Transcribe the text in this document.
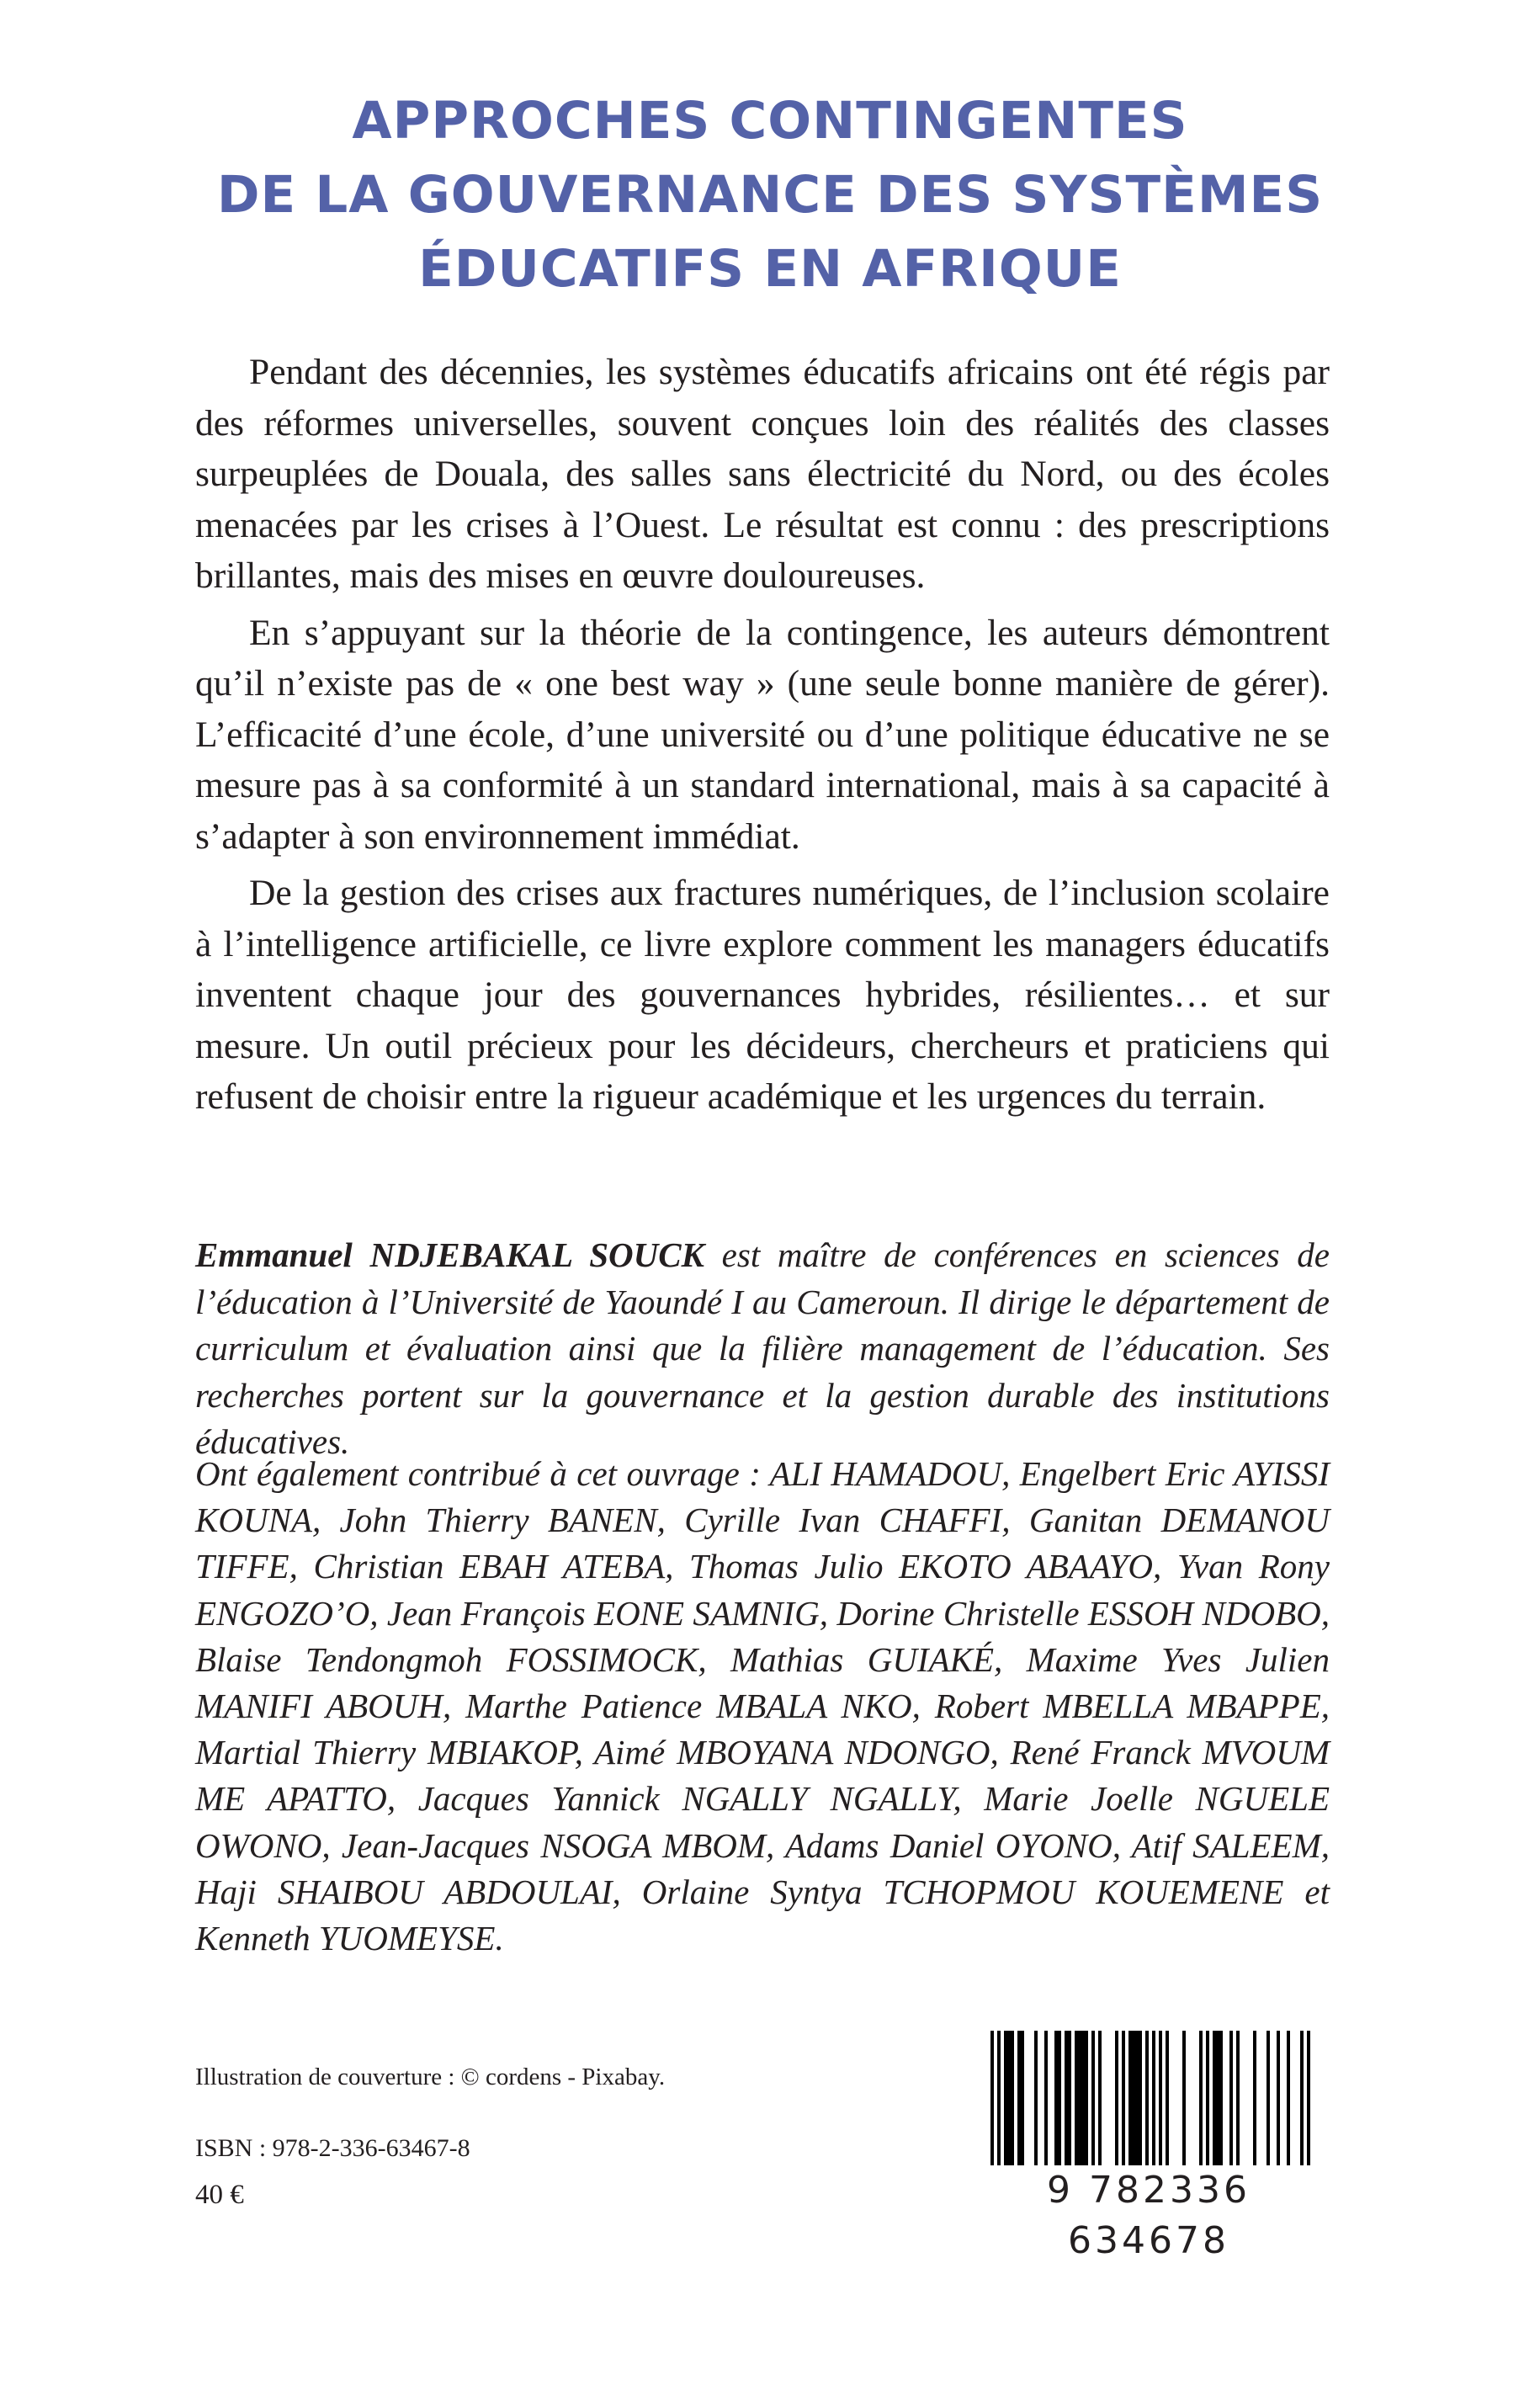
APPROCHES CONTINGENTES
DE LA GOUVERNANCE DES SYSTÈMES
ÉDUCATIFS EN AFRIQUE

Pendant des décennies, les systèmes éducatifs africains ont été régis par des réformes universelles, souvent conçues loin des réalités des classes surpeuplées de Douala, des salles sans électricité du Nord, ou des écoles menacées par les crises à l’Ouest. Le résultat est connu : des prescriptions brillantes, mais des mises en œuvre douloureuses.

En s’appuyant sur la théorie de la contingence, les auteurs démontrent qu’il n’existe pas de « one best way » (une seule bonne manière de gérer). L’efficacité d’une école, d’une université ou d’une politique éducative ne se mesure pas à sa conformité à un standard international, mais à sa capacité à s’adapter à son environnement immédiat.

De la gestion des crises aux fractures numériques, de l’inclusion scolaire à l’intelligence artificielle, ce livre explore comment les managers éducatifs inventent chaque jour des gouvernances hybrides, résilientes… et sur mesure. Un outil précieux pour les décideurs, chercheurs et praticiens qui refusent de choisir entre la rigueur académique et les urgences du terrain.

Emmanuel NDJEBAKAL SOUCK est maître de conférences en sciences de l’éducation à l’Université de Yaoundé I au Cameroun. Il dirige le département de curriculum et évaluation ainsi que la filière management de l’éducation. Ses recherches portent sur la gouvernance et la gestion durable des institutions éducatives.

Ont également contribué à cet ouvrage : ALI HAMADOU, Engelbert Eric AYISSI KOUNA, John Thierry BANEN, Cyrille Ivan CHAFFI, Ganitan DEMANOU TIFFE, Christian EBAH ATEBA, Thomas Julio EKOTO ABAAYO, Yvan Rony ENGOZO’O, Jean François EONE SAMNIG, Dorine Christelle ESSOH NDOBO, Blaise Tendongmoh FOSSIMOCK, Mathias GUIAKÉ, Maxime Yves Julien MANIFI ABOUH, Marthe Patience MBALA NKO, Robert MBELLA MBAPPE, Martial Thierry MBIAKOP, Aimé MBOYANA NDONGO, René Franck MVOUM ME APATTO, Jacques Yannick NGALLY NGALLY, Marie Joelle NGUELE OWONO, Jean-Jacques NSOGA MBOM, Adams Daniel OYONO, Atif SALEEM, Haji SHAIBOU ABDOULAI, Orlaine Syntya TCHOPMOU KOUEMENE et Kenneth YUOMEYSE.

Illustration de couverture : © cordens - Pixabay.
ISBN : 978-2-336-63467-8
40 €	9 782336 634678
